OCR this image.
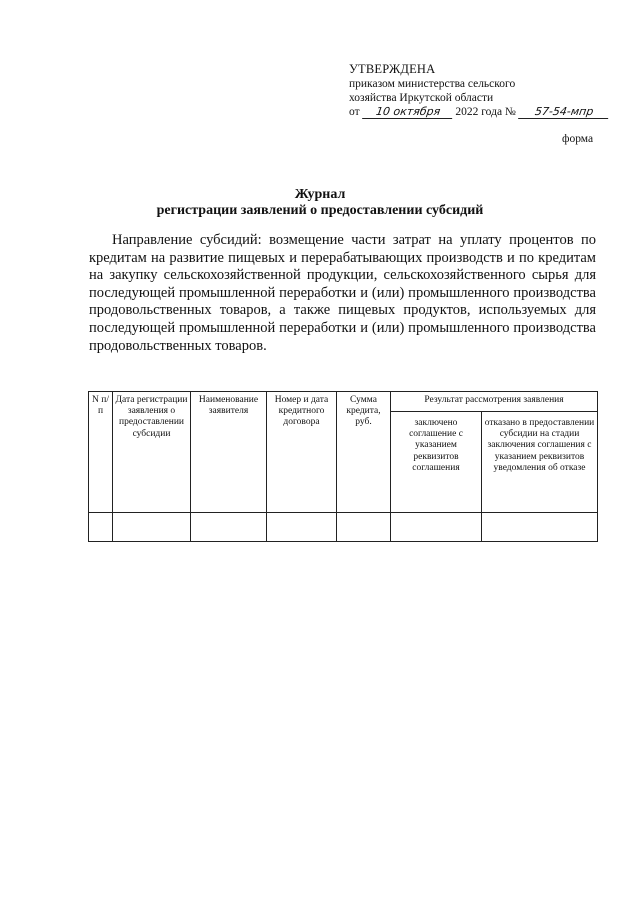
УТВЕРЖДЕНА
приказом министерства сельского
хозяйства Иркутской области
от 10 октября 2022 года № 57-54-мпр
форма
Журнал
регистрации заявлений о предоставлении субсидий
Направление субсидий: возмещение части затрат на уплату процентов по кредитам на развитие пищевых и перерабатывающих производств и по кредитам на закупку сельскохозяйственной продукции, сельскохозяйственного сырья для последующей промышленной переработки и (или) промышленного производства продовольственных товаров, а также пищевых продуктов, используемых для последующей промышленной переработки и (или) промышленного производства продовольственных товаров.
N п/п	Дата регистрации заявления о предоставлении субсидии	Наименование заявителя	Номер и дата кредитного договора	Сумма кредита, руб.	Результат рассмотрения заявления	
					заключено соглашение с указанием реквизитов соглашения	отказано в предоставлении субсидии на стадии заключения соглашения с указанием реквизитов уведомления об отказе
